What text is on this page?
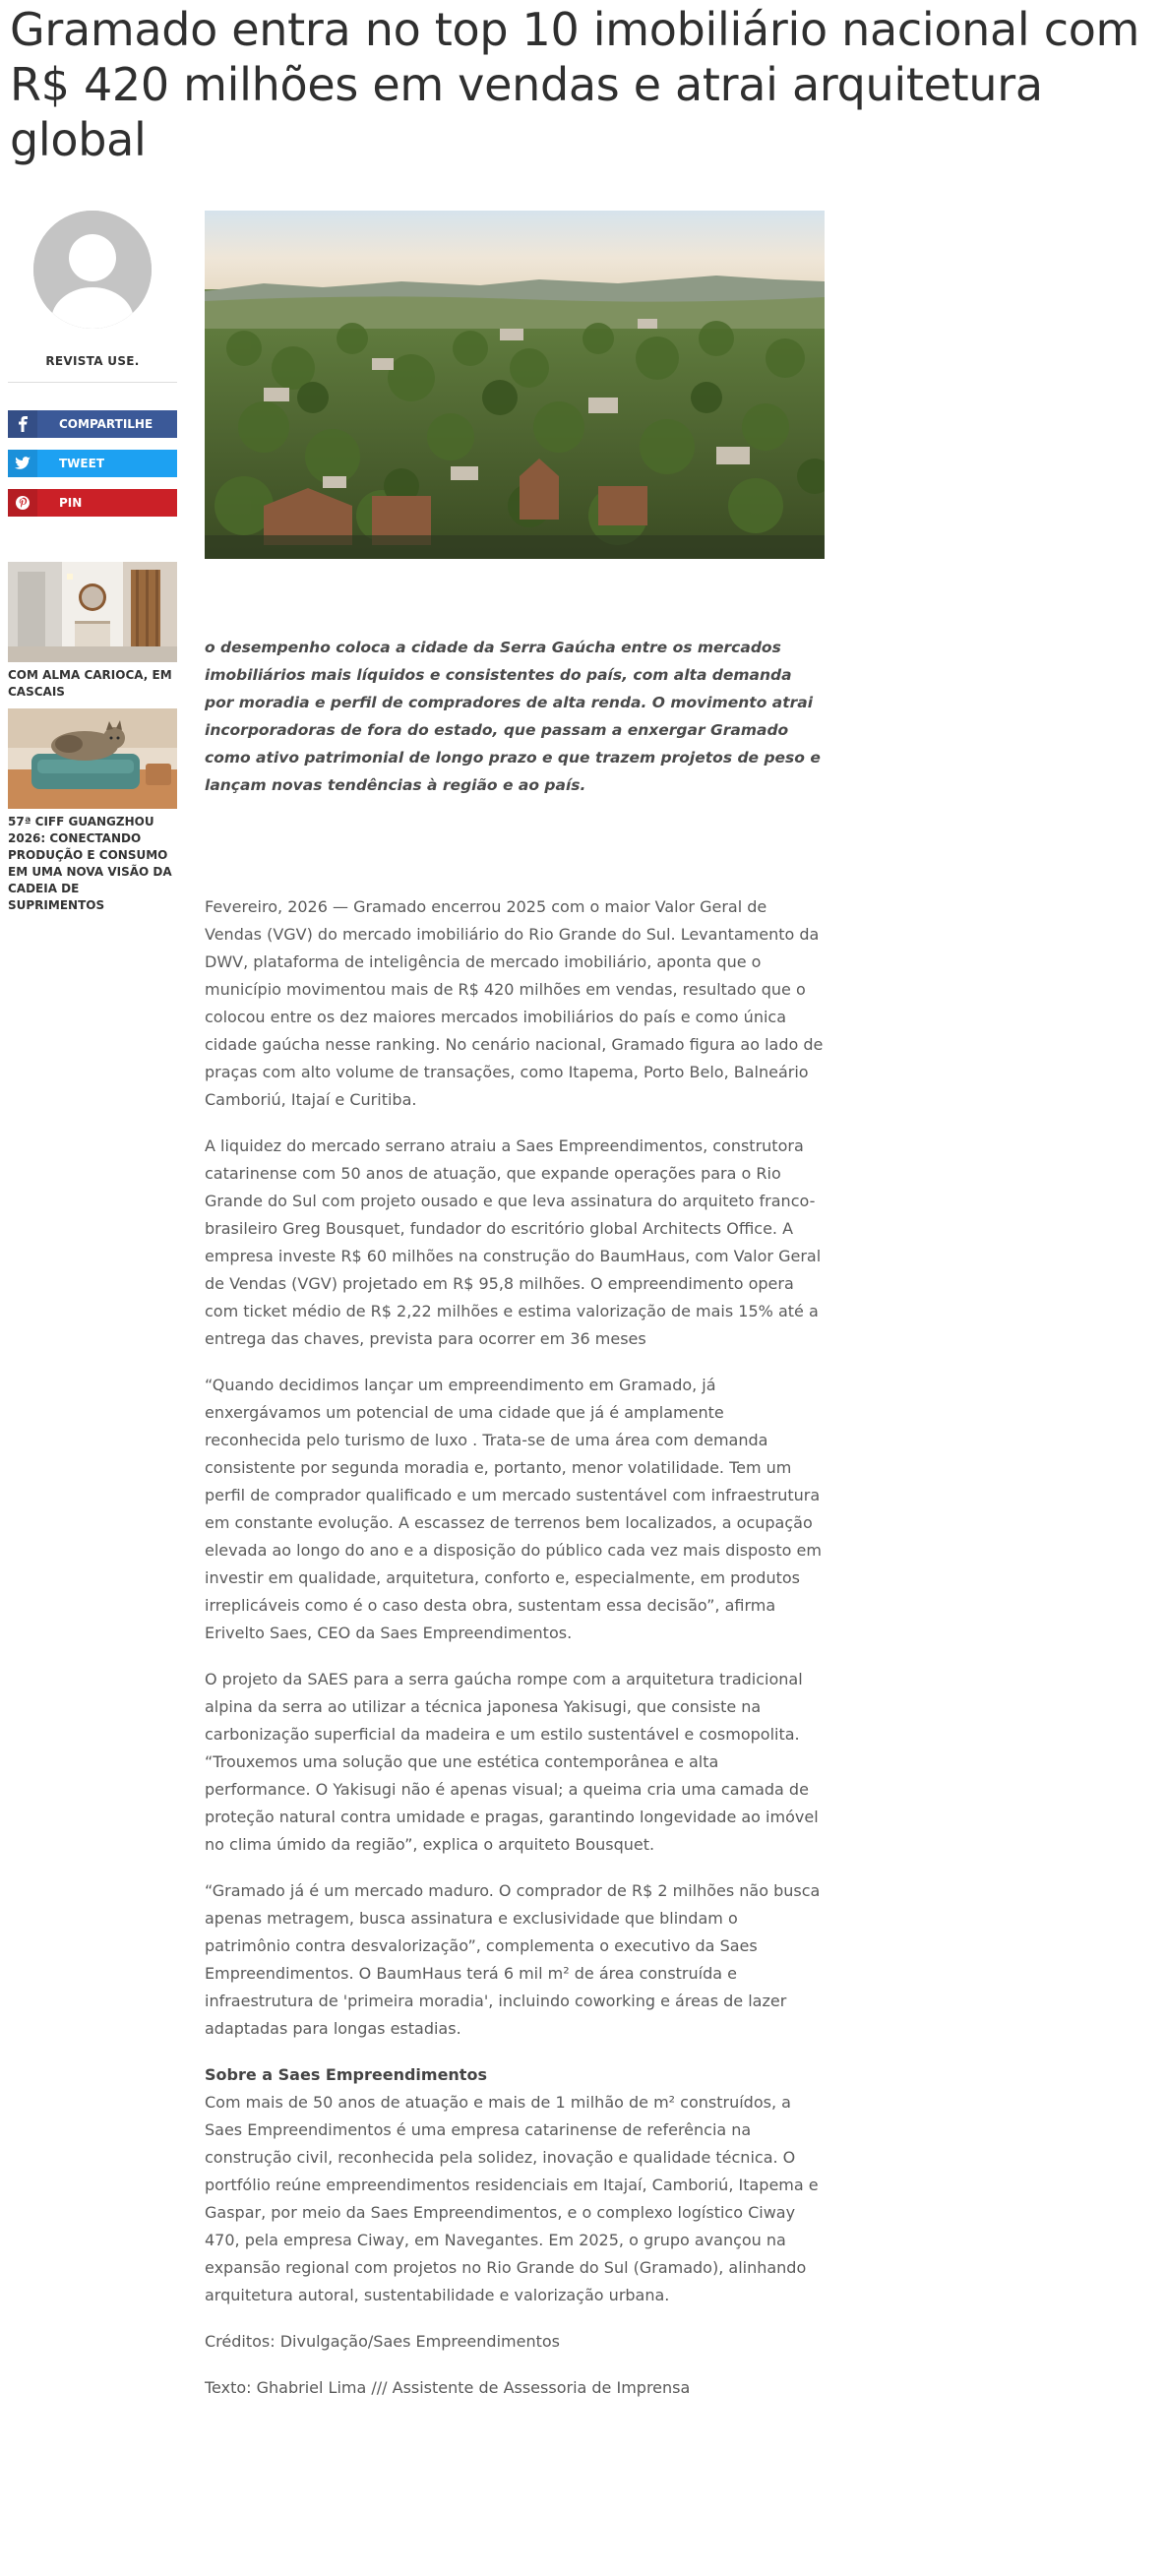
Gramado entra no top 10 imobiliário nacional com R$ 420 milhões em vendas e atrai arquitetura global
REVISTA USE.
COMPARTILHE
TWEET
PIN
COM ALMA CARIOCA, EM CASCAIS
57ª CIFF GUANGZHOU 2026: CONECTANDO PRODUÇÃO E CONSUMO EM UMA NOVA VISÃO DA CADEIA DE SUPRIMENTOS
o desempenho coloca a cidade da Serra Gaúcha entre os mercados imobiliários mais líquidos e consistentes do país, com alta demanda por moradia e perfil de compradores de alta renda. O movimento atrai incorporadoras de fora do estado, que passam a enxergar Gramado como ativo patrimonial de longo prazo e que trazem projetos de peso e lançam novas tendências à região e ao país.

Fevereiro, 2026 — Gramado encerrou 2025 com o maior Valor Geral de Vendas (VGV) do mercado imobiliário do Rio Grande do Sul. Levantamento da DWV, plataforma de inteligência de mercado imobiliário, aponta que o município movimentou mais de R$ 420 milhões em vendas, resultado que o colocou entre os dez maiores mercados imobiliários do país e como única cidade gaúcha nesse ranking. No cenário nacional, Gramado figura ao lado de praças com alto volume de transações, como Itapema, Porto Belo, Balneário Camboriú, Itajaí e Curitiba.

A liquidez do mercado serrano atraiu a Saes Empreendimentos, construtora catarinense com 50 anos de atuação, que expande operações para o Rio Grande do Sul com projeto ousado e que leva assinatura do arquiteto franco-brasileiro Greg Bousquet, fundador do escritório global Architects Office. A empresa investe R$ 60 milhões na construção do BaumHaus, com Valor Geral de Vendas (VGV) projetado em R$ 95,8 milhões. O empreendimento opera com ticket médio de R$ 2,22 milhões e estima valorização de mais 15% até a entrega das chaves, prevista para ocorrer em 36 meses

“Quando decidimos lançar um empreendimento em Gramado, já enxergávamos um potencial de uma cidade que já é amplamente reconhecida pelo turismo de luxo . Trata-se de uma área com demanda consistente por segunda moradia e, portanto, menor volatilidade. Tem um perfil de comprador qualificado e um mercado sustentável com infraestrutura em constante evolução. A escassez de terrenos bem localizados, a ocupação elevada ao longo do ano e a disposição do público cada vez mais disposto em investir em qualidade, arquitetura, conforto e, especialmente, em produtos irreplicáveis como é o caso desta obra, sustentam essa decisão”, afirma Erivelto Saes, CEO da Saes Empreendimentos.

O projeto da SAES para a serra gaúcha rompe com a arquitetura tradicional alpina da serra ao utilizar a técnica japonesa Yakisugi, que consiste na carbonização superficial da madeira e um estilo sustentável e cosmopolita. “Trouxemos uma solução que une estética contemporânea e alta performance. O Yakisugi não é apenas visual; a queima cria uma camada de proteção natural contra umidade e pragas, garantindo longevidade ao imóvel no clima úmido da região”, explica o arquiteto Bousquet.

“Gramado já é um mercado maduro. O comprador de R$ 2 milhões não busca apenas metragem, busca assinatura e exclusividade que blindam o patrimônio contra desvalorização”, complementa o executivo da Saes Empreendimentos. O BaumHaus terá 6 mil m² de área construída e infraestrutura de 'primeira moradia', incluindo coworking e áreas de lazer adaptadas para longas estadias.

Sobre a Saes Empreendimentos

Com mais de 50 anos de atuação e mais de 1 milhão de m² construídos, a Saes Empreendimentos é uma empresa catarinense de referência na construção civil, reconhecida pela solidez, inovação e qualidade técnica. O portfólio reúne empreendimentos residenciais em Itajaí, Camboriú, Itapema e Gaspar, por meio da Saes Empreendimentos, e o complexo logístico Ciway 470, pela empresa Ciway, em Navegantes. Em 2025, o grupo avançou na expansão regional com projetos no Rio Grande do Sul (Gramado), alinhando arquitetura autoral, sustentabilidade e valorização urbana.

Créditos: Divulgação/Saes Empreendimentos

Texto: Ghabriel Lima /// Assistente de Assessoria de Imprensa
